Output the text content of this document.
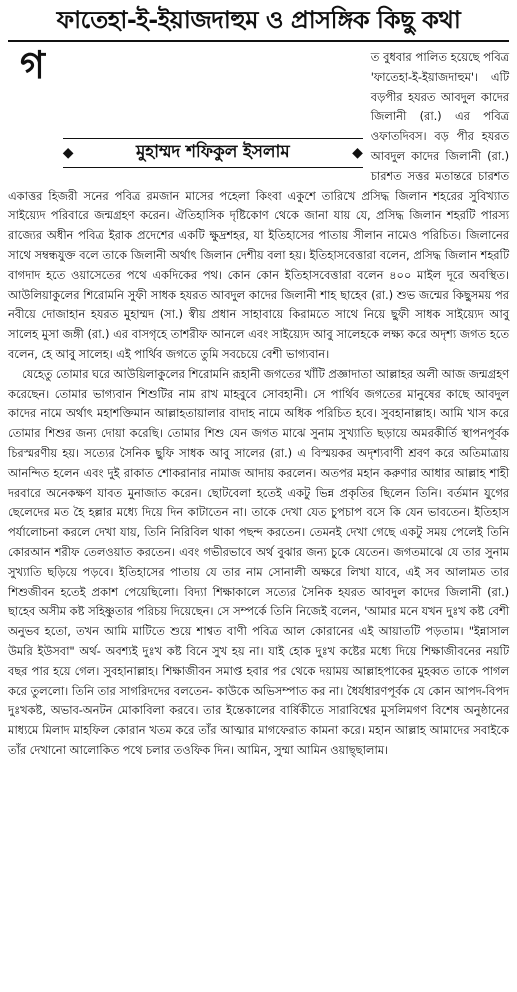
ফাতেহা-ই-ইয়াজদাহুম ও প্রাসঙ্গিক কিছু কথা
গ
◆	মুহাম্মদ শফিকুল ইসলাম	◆

ত বুধবার পালিত হয়েছে পবিত্র 'ফাতেহা-ই-ইয়াজদাহুম'। এটি বড়পীর হযরত আবদুল কাদের জিলানী (রা.) এর পবিত্র ওফাতদিবস। বড় পীর হযরত আবদুল কাদের জিলানী (রা.) চারশত সত্তর মতান্তরে চারশত একাত্তর হিজরী সনের পবিত্র রমজান মাসের পহেলা কিংবা একুশে তারিখে প্রসিদ্ধ জিলান শহরের সুবিখ্যাত সাইয়্যেদ পরিবারে জন্মগ্রহণ করেন। ঐতিহাসিক দৃষ্টিকোণ থেকে জানা যায় যে, প্রসিদ্ধ জিলান শহরটি পারস্য রাজ্যের অধীন পবিত্র ইরাক প্রদেশের একটি ক্ষুদ্রশহর, যা ইতিহাসের পাতায় সীলান নামেও পরিচিত। জিলানের সাথে সম্বন্ধযুক্ত বলে তাকে জিলানী অর্থাৎ জিলান দেশীয় বলা হয়। ইতিহাসবেত্তারা বলেন, প্রসিদ্ধ জিলান শহরটি বাগদাদ হতে ওয়াসেতের পথে একদিকের পথ। কোন কোন ইতিহাসবেত্তারা বলেন ৪০০ মাইল দূরে অবস্থিত। আউলিয়াকুলের শিরোমনি সুফী সাধক হযরত আবদুল কাদের জিলানী শাহ ছাহেব (রা.) শুভ জন্মের কিছুসময় পর নবীয়ে দোজাহান হযরত মুহাম্মদ (সা.) স্বীয় প্রধান সাহাবায়ে কিরামতে সাথে নিয়ে ছুফী সাধক সাইয়্যেদ আবু সালেহ মুসা জঙ্গী (রা.) এর বাসগৃহে তাশরীফ আনলে এবং সাইয়্যেদ আবু সালেহকে লক্ষ্য করে অদৃশ্য জগত হতে বলেন, হে আবু সালেহ। এই পার্থিব জগতে তুমি সবচেয়ে বেশী ভাগ্যবান।

যেহেতু তোমার ঘরে আউয়িলাকুলের শিরোমনি রূহানী জগতের খাঁটি প্রজ্ঞাদাতা আল্লাহর অলী আজ জন্মগ্রহণ করেছেন। তোমার ভাগ্যবান শিশুটির নাম রাখ মাহবুবে সোবহানী। সে পার্থিব জগতের মানুষের কাছে আবদুল কাদের নামে অর্থাৎ মহাশক্তিমান আল্লাহতায়ালার বাদাহ নামে অধিক পরিচিত হবে। সুবহানাল্লাহ। আমি খাস করে তোমার শিশুর জন্য দোয়া করেছি। তোমার শিশু যেন জগত মাঝে সুনাম সুখ্যাতি ছড়ায়ে অমরকীর্তি স্থাপনপূর্বক চিরস্মরণীয় হয়। সত্যের সৈনিক ছুফি সাধক আবু সালের (রা.) এ বিস্ময়কর অদৃশ্যবাণী শ্রবণ করে অতিমাত্রায় আনন্দিত হলেন এবং দুই রাকাত শোকরানার নামাজ আদায় করলেন। অতপর মহান করুণার আধার আল্লাহ শাহী দরবারে অনেকক্ষণ যাবত মুনাজাত করেন। ছোটবেলা হতেই একটু ভিন্ন প্রকৃতির ছিলেন তিনি। বর্তমান যুগের ছেলেদের মত হৈ হল্লার মধ্যে দিয়ে দিন কাটাতেন না। তাকে দেখা যেত চুপচাপ বসে কি যেন ভাবতেন। ইতিহাস পর্যালোচনা করলে দেখা যায়, তিনি নিরিবিল থাকা পছন্দ করতেন। তেমনই দেখা গেছে একটু সময় পেলেই তিনি কোরআন শরীফ তেলওয়াত করতেন। এবং গভীরভাবে অর্থ বুঝার জন্য চুকে যেতেন। জগতমাঝে যে তার সুনাম সুখ্যাতি ছড়িয়ে পড়বে। ইতিহাসের পাতায় যে তার নাম সোনালী অক্ষরে লিখা যাবে, এই সব আলামত তার শিশুজীবন হতেই প্রকাশ পেয়েছিলো। বিদ্যা শিক্ষাকালে সত্যের সৈনিক হযরত আবদুল কাদের জিলানী (রা.) ছাহেব অসীম কষ্ট সহিষ্ণুতার পরিচয় দিয়েছেন। সে সম্পর্কে তিনি নিজেই বলেন, 'আমার মনে যখন দুঃখ কষ্ট বেশী অনুভব হতো, তখন আমি মাটিতে শুয়ে শাশ্বত বাণী পবিত্র আল কোরানের এই আয়াতটি পড়তাম। "ইন্নাসাল উমরি ইউসবা" অর্থ- অবশ্যই দুঃখ কষ্ট বিনে সুখ হয় না। যাই হোক দুঃখ কষ্টের মধ্যে দিয়ে শিক্ষাজীবনের নয়টি বছর পার হয়ে গেল। সুবহানাল্লাহ। শিক্ষাজীবন সমাপ্ত হবার পর থেকে দয়াময় আল্লাহপাকের মুহব্বত তাকে পাগল করে তুললো। তিনি তার সাগরিদদের বলতেন- কাউকে অভিসম্পাত কর না। ধৈর্যধারণপূর্বক যে কোন আপদ-বিপদ দুঃখকষ্ট, অভাব-অনটন মোকাবিলা করবে। তার ইন্তেকালের বার্ষিকীতে সারাবিশ্বের মুসলিমগণ বিশেষ অনুষ্ঠানের মাধ্যমে মিলাদ মাহফিল কোরান খতম করে তাঁর আত্মার মাগফেরাত কামনা করে। মহান আল্লাহ আমাদের সবাইকে তাঁর দেখানো আলোকিত পথে চলার তওফিক দিন। আমিন, সুম্মা আমিন ওয়াছ্‌ছালাম।
